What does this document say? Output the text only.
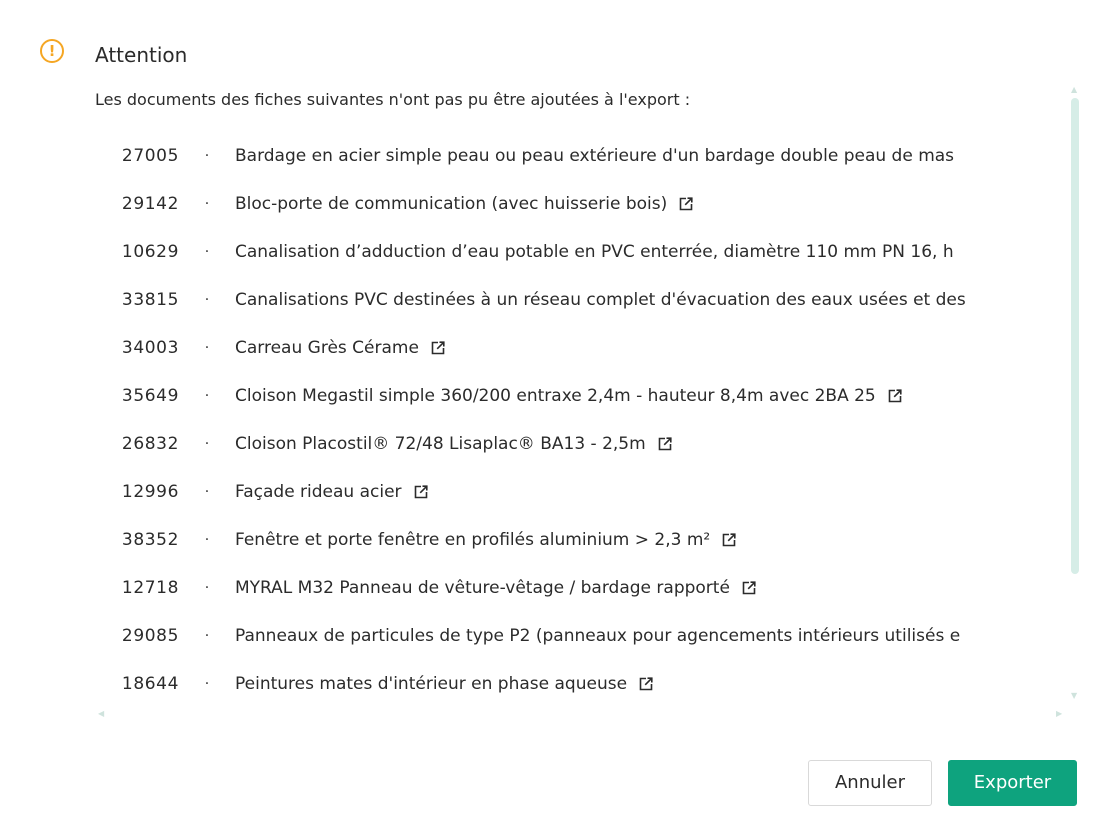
!	Attention
Les documents des fiches suivantes n'ont pas pu être ajoutées à l'export :
27005	·	Bardage en acier simple peau ou peau extérieure d'un bardage double peau de mas
29142	·	Bloc-porte de communication (avec huisserie bois)
10629	·	Canalisation d’adduction d’eau potable en PVC enterrée, diamètre 110 mm PN 16, h
33815	·	Canalisations PVC destinées à un réseau complet d'évacuation des eaux usées et des
34003	·	Carreau Grès Cérame
35649	·	Cloison Megastil simple 360/200 entraxe 2,4m - hauteur 8,4m avec 2BA 25
26832	·	Cloison Placostil® 72/48 Lisaplac® BA13 - 2,5m
12996	·	Façade rideau acier
38352	·	Fenêtre et porte fenêtre en profilés aluminium > 2,3 m²
12718	·	MYRAL M32 Panneau de vêture-vêtage / bardage rapporté
29085	·	Panneaux de particules de type P2 (panneaux pour agencements intérieurs utilisés e
18644	·	Peintures mates d'intérieur en phase aqueuse
▲
▼
◀	▶
Annuler	Exporter
